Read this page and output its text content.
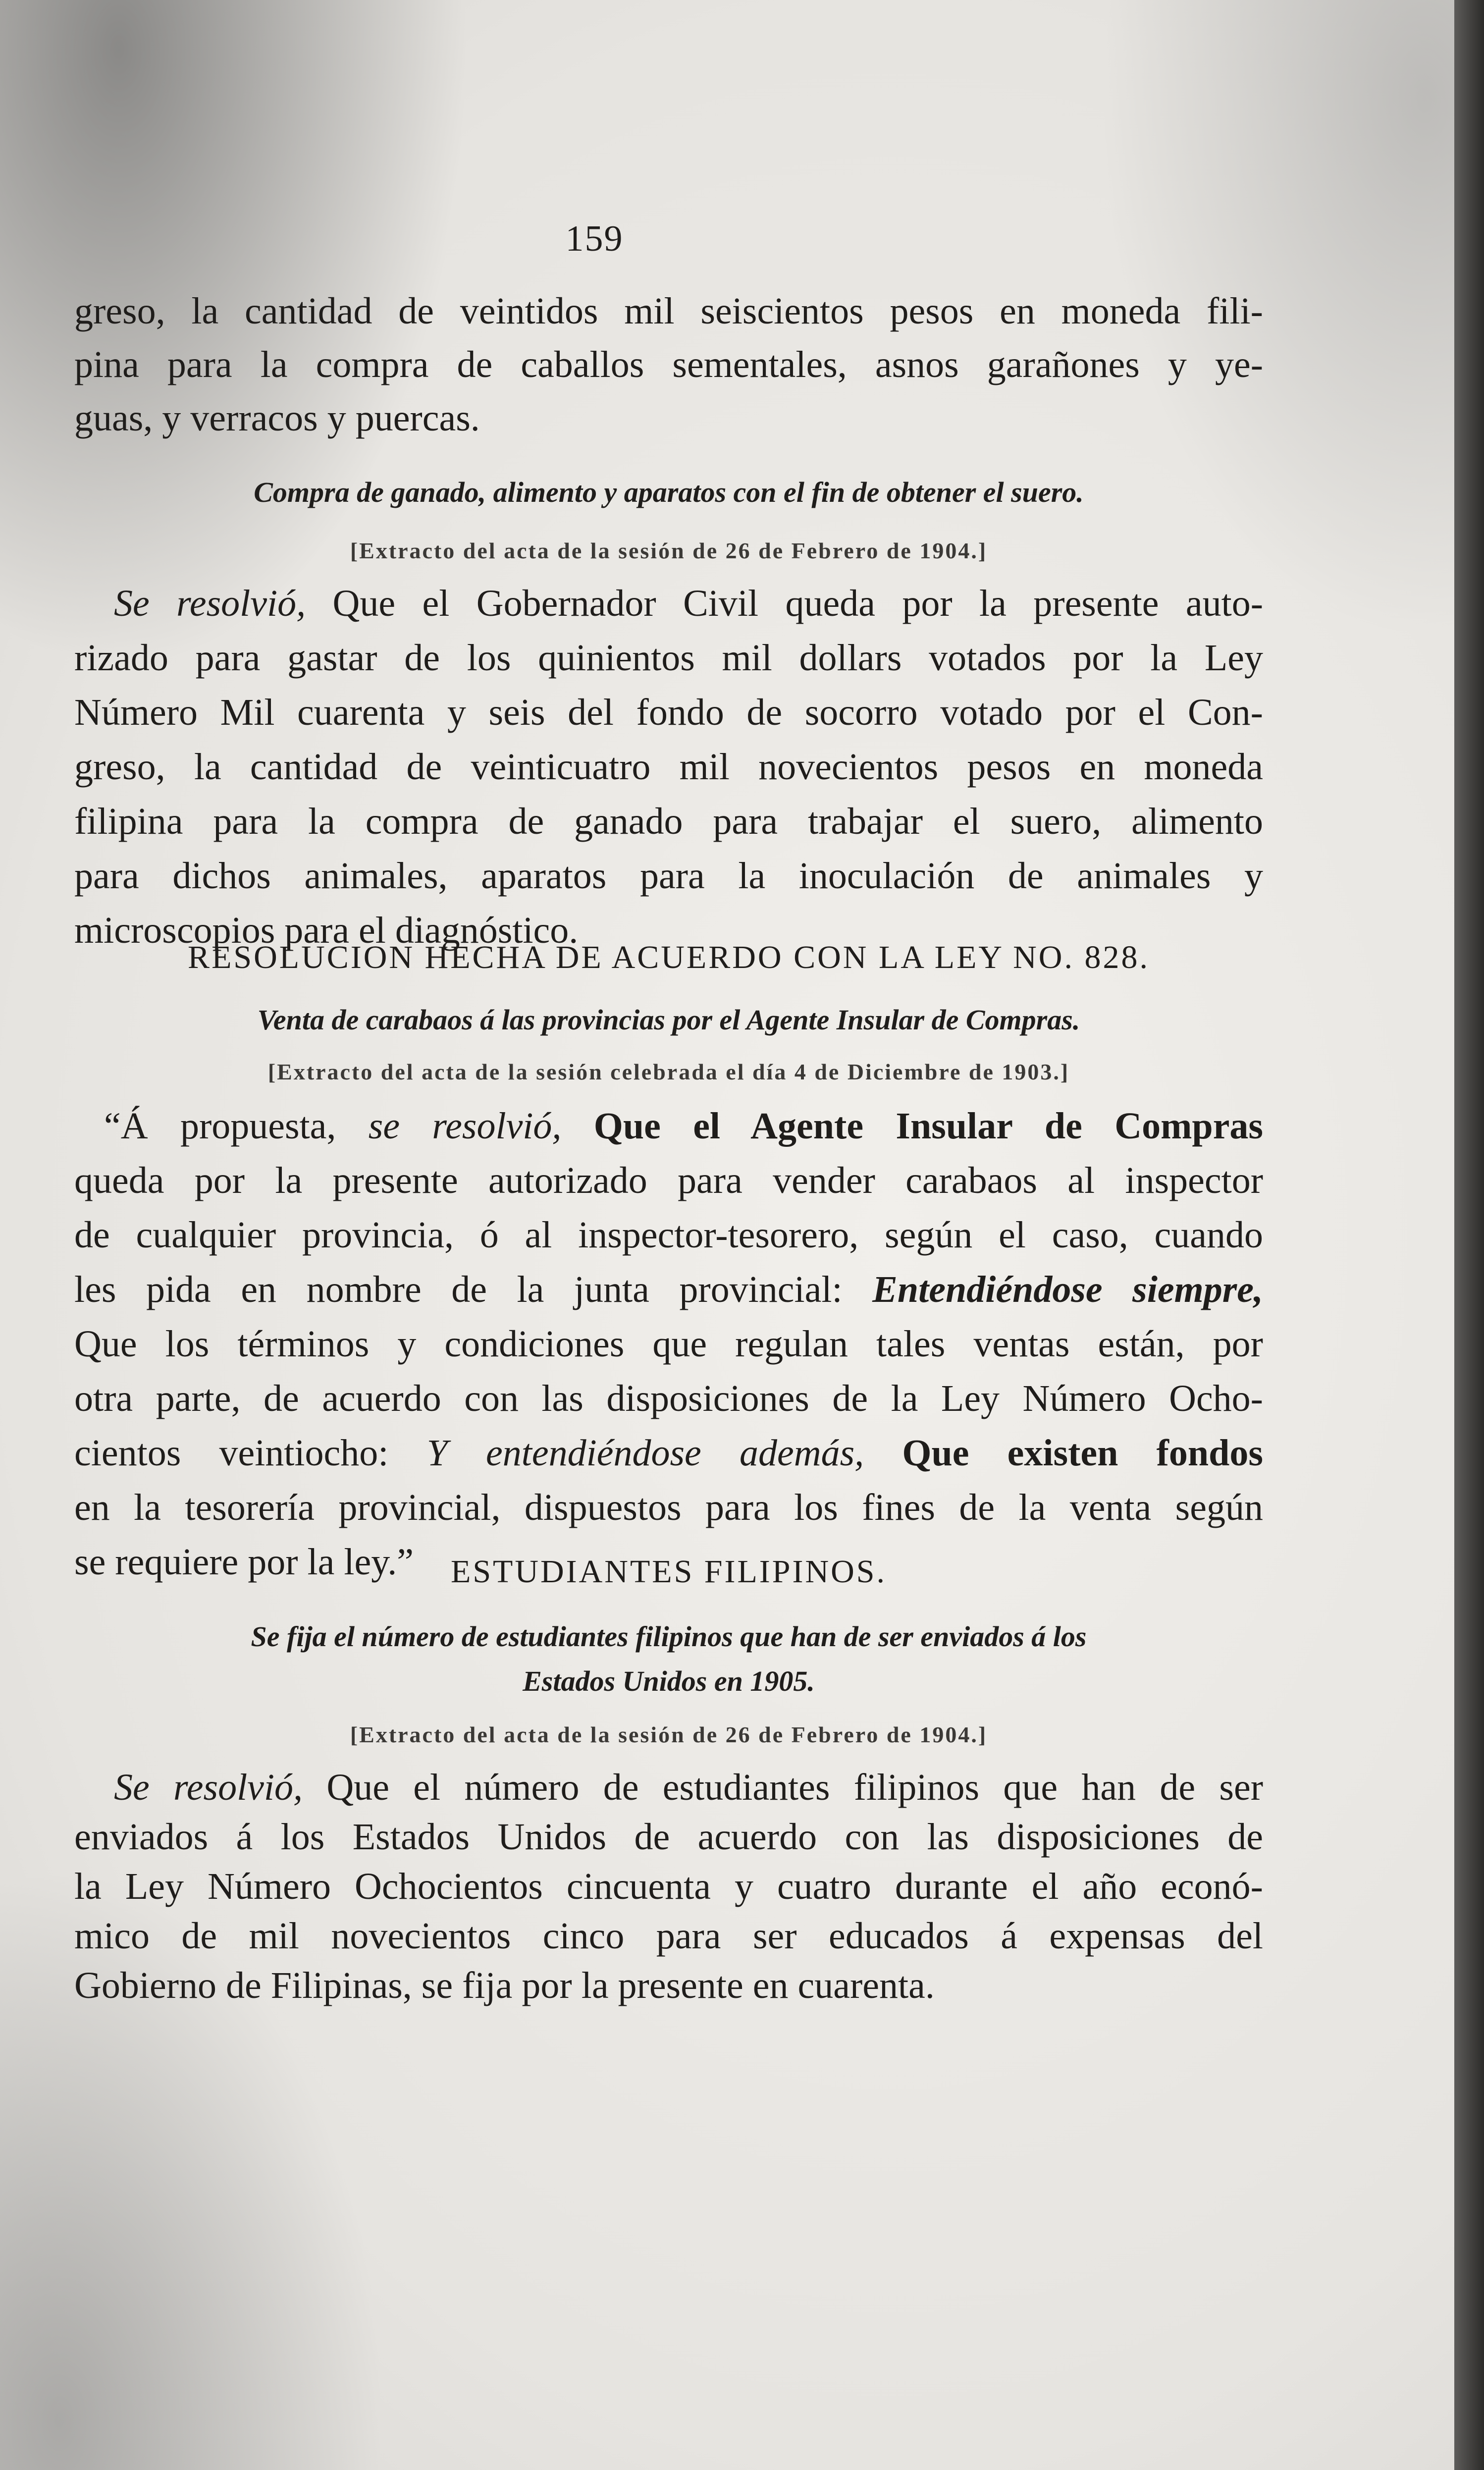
159
greso, la cantidad de veintidos mil seiscientos pesos en moneda fili-
pina para la compra de caballos sementales, asnos garañones y ye-
guas, y verracos y puercas.
Compra de ganado, alimento y aparatos con el fin de obtener el suero.
[Extracto del acta de la sesión de 26 de Febrero de 1904.]
Se resolvió, Que el Gobernador Civil queda por la presente auto-
rizado para gastar de los quinientos mil dollars votados por la Ley
Número Mil cuarenta y seis del fondo de socorro votado por el Con-
greso, la cantidad de veinticuatro mil novecientos pesos en moneda
filipina para la compra de ganado para trabajar el suero, alimento
para dichos animales, aparatos para la inoculación de animales y
microscopios para el diagnóstico.
RESOLUCION HECHA DE ACUERDO CON LA LEY NO. 828.
Venta de carabaos á las provincias por el Agente Insular de Compras.
[Extracto del acta de la sesión celebrada el día 4 de Diciembre de 1903.]
“Á propuesta, se resolvió, Que el Agente Insular de Compras
queda por la presente autorizado para vender carabaos al inspector
de cualquier provincia, ó al inspector-tesorero, según el caso, cuando
les pida en nombre de la junta provincial: Entendiéndose siempre,
Que los términos y condiciones que regulan tales ventas están, por
otra parte, de acuerdo con las disposiciones de la Ley Número Ocho-
cientos veintiocho: Y entendiéndose además, Que existen fondos
en la tesorería provincial, dispuestos para los fines de la venta según
se requiere por la ley.”	ESTUDIANTES FILIPINOS.
Se fija el número de estudiantes filipinos que han de ser enviados á los
Estados Unidos en 1905.
[Extracto del acta de la sesión de 26 de Febrero de 1904.]
Se resolvió, Que el número de estudiantes filipinos que han de ser
enviados á los Estados Unidos de acuerdo con las disposiciones de
la Ley Número Ochocientos cincuenta y cuatro durante el año econó-
mico de mil novecientos cinco para ser educados á expensas del
Gobierno de Filipinas, se fija por la presente en cuarenta.
